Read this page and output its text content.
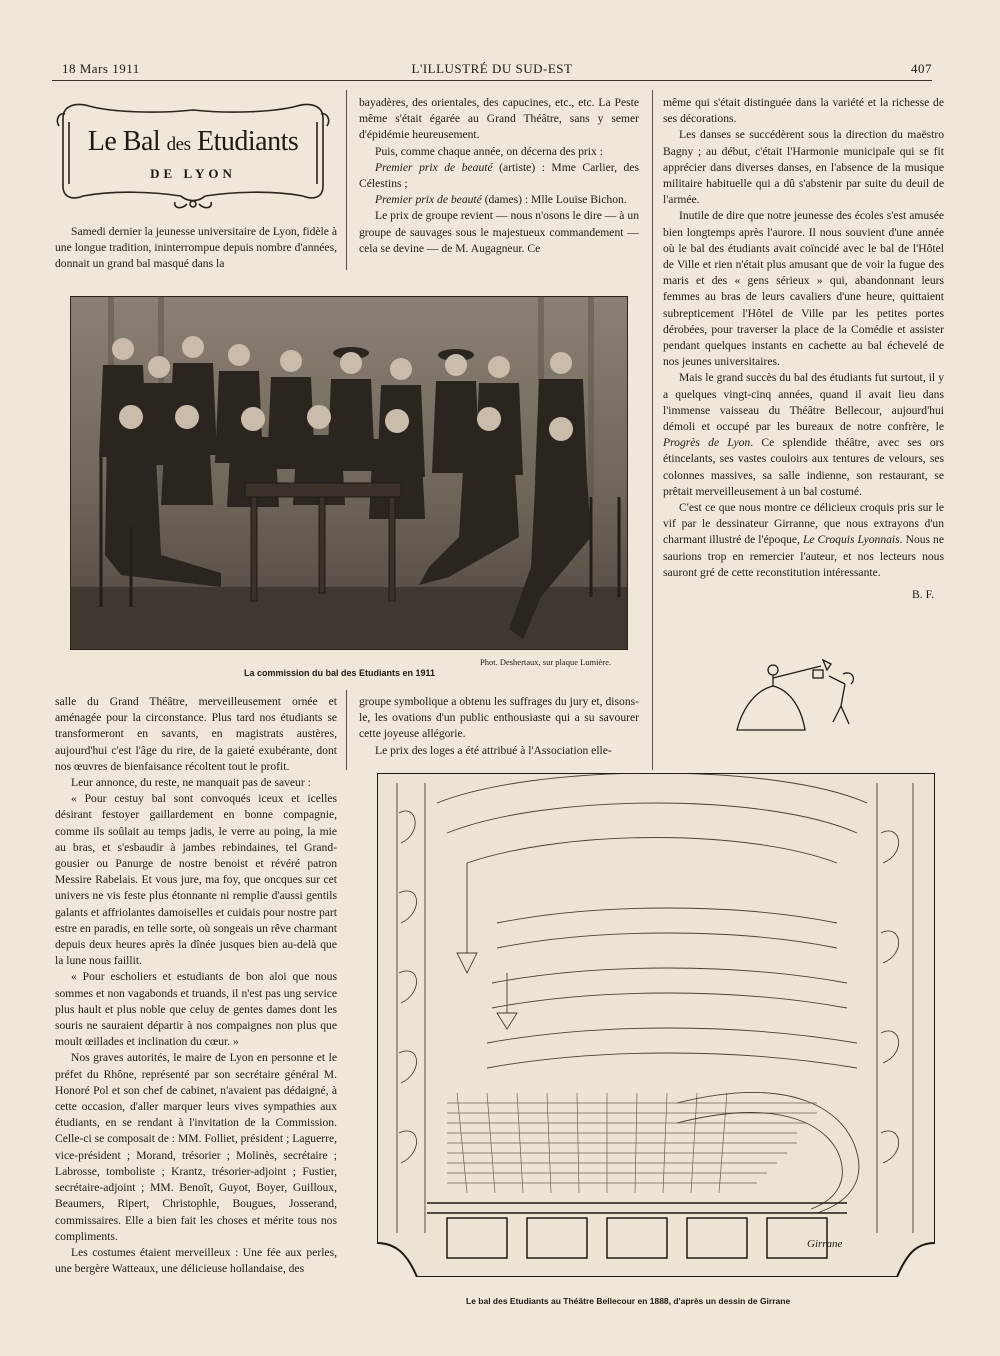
18 Mars 1911	L'ILLUSTRÉ DU SUD-EST	407
Le Bal des Etudiants
DE LYON

Samedi dernier la jeunesse universitaire de Lyon, fidèle à une longue tradition, ininterrompue depuis nombre d'années, donnait un grand bal masqué dans la

bayadères, des orientales, des capucines, etc., etc. La Peste même s'était égarée au Grand Théâtre, sans y semer d'épidémie heureusement.

Puis, comme chaque année, on décerna des prix :

Premier prix de beauté (artiste) : Mme Carlier, des Célestins ;

Premier prix de beauté (dames) : Mlle Louise Bichon.

Le prix de groupe revient — nous n'osons le dire — à un groupe de sauvages sous le majestueux commandement — cela se devine — de M. Augagneur. Ce

même qui s'était distinguée dans la variété et la richesse de ses décorations.

Les danses se succédèrent sous la direction du maëstro Bagny ; au début, c'était l'Harmonie municipale qui se fit apprécier dans diverses danses, en l'absence de la musique militaire habituelle qui a dû s'abstenir par suite du deuil de l'armée.

Inutile de dire que notre jeunesse des écoles s'est amusée bien longtemps après l'aurore. Il nous souvient d'une année où le bal des étudiants avait coïncidé avec le bal de l'Hôtel de Ville et rien n'était plus amusant que de voir la fugue des maris et des « gens sérieux » qui, abandonnant leurs femmes au bras de leurs cavaliers d'une heure, quittaient subrepticement l'Hôtel de Ville par les petites portes dérobées, pour traverser la place de la Comédie et assister pendant quelques instants en cachette au bal échevelé de nos jeunes universitaires.

Mais le grand succès du bal des étudiants fut surtout, il y a quelques vingt-cinq années, quand il avait lieu dans l'immense vaisseau du Théâtre Bellecour, aujourd'hui démoli et occupé par les bureaux de notre confrère, le Progrès de Lyon. Ce splendide théâtre, avec ses ors étincelants, ses vastes couloirs aux tentures de velours, ses colonnes massives, sa salle indienne, son restaurant, se prêtait merveilleusement à un bal costumé.

C'est ce que nous montre ce délicieux croquis pris sur le vif par le dessinateur Girranne, que nous extrayons d'un charmant illustré de l'époque, Le Croquis Lyonnais. Nous ne saurions trop en remercier l'auteur, et nos lecteurs nous sauront gré de cette reconstitution intéressante.

B. F.

Phot. Deshertaux, sur plaque Lumière.
La commission du bal des Etudiants en 1911

salle du Grand Théâtre, merveilleusement ornée et aménagée pour la circonstance. Plus tard nos étudiants se transformeront en savants, en magistrats austères, aujourd'hui c'est l'âge du rire, de la gaieté exubérante, dont nos œuvres de bienfaisance récoltent tout le profit.

Leur annonce, du reste, ne manquait pas de saveur :

« Pour cestuy bal sont convoqués iceux et icelles désirant festoyer gaillardement en bonne compagnie, comme ils soûlait au temps jadis, le verre au poing, la mie au bras, et s'esbaudir à jambes rebindaines, tel Grand-gousier ou Panurge de nostre benoist et révéré patron Messire Rabelais. Et vous jure, ma foy, que oncques sur cet univers ne vis feste plus étonnante ni remplie d'aussi gentils galants et affriolantes damoiselles et cuidais pour nostre part estre en paradis, en telle sorte, où songeais un rêve charmant depuis deux heures après la dînée jusques bien au-delà que la lune nous faillit.

« Pour escholiers et estudiants de bon aloi que nous sommes et non vagabonds et truands, il n'est pas ung service plus hault et plus noble que celuy de gentes dames dont les souris ne sauraient départir à nos compaignes non plus que moult œillades et inclination du cœur. »

Nos graves autorités, le maire de Lyon en personne et le préfet du Rhône, représenté par son secrétaire général M. Honoré Pol et son chef de cabinet, n'avaient pas dédaigné, à cette occasion, d'aller marquer leurs vives sympathies aux étudiants, en se rendant à l'invitation de la Commission. Celle-ci se composait de : MM. Folliet, président ; Laguerre, vice-président ; Morand, trésorier ; Molinès, secrétaire ; Labrosse, tomboliste ; Krantz, trésorier-adjoint ; Fustier, secrétaire-adjoint ; MM. Benoît, Guyot, Boyer, Guilloux, Beaumers, Ripert, Christophle, Bougues, Josserand, commissaires. Elle a bien fait les choses et mérite tous nos compliments.

Les costumes étaient merveilleux : Une fée aux perles, une bergère Watteaux, une délicieuse hollandaise, des

groupe symbolique a obtenu les suffrages du jury et, disons-le, les ovations d'un public enthousiaste qui a su savourer cette joyeuse allégorie.

Le prix des loges a été attribué à l'Association elle-

Girrane
Le bal des Etudiants au Théâtre Bellecour en 1888, d'après un dessin de Girrane
